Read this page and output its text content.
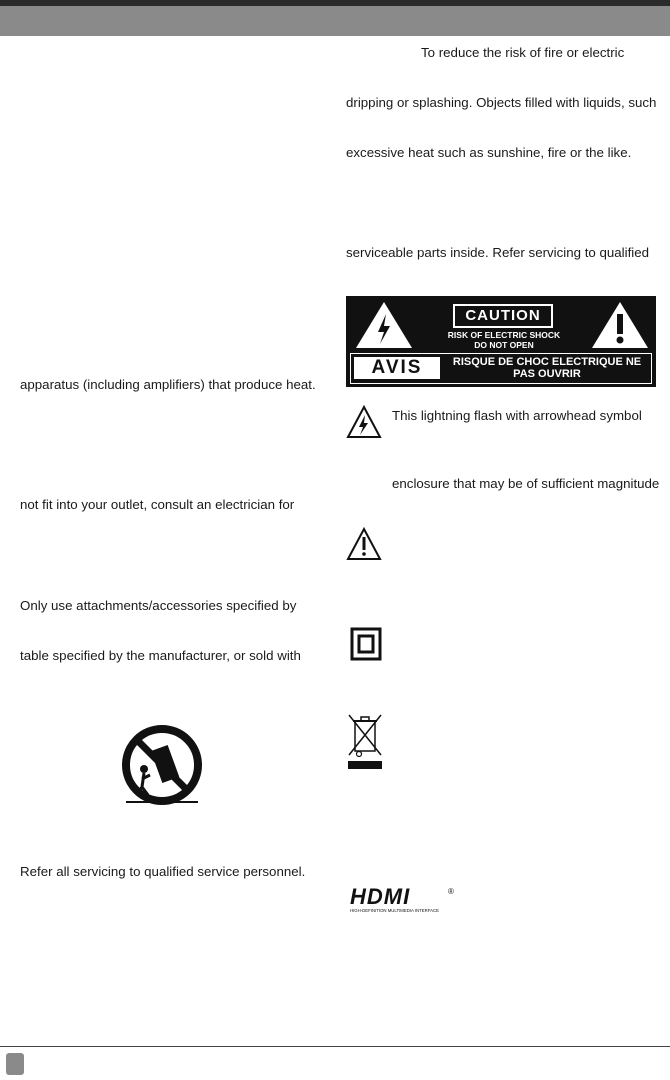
apparatus (including amplifiers) that produce heat.
not fit into your outlet, consult an electrician for
Only use attachments/accessories specified by
table specified by the manufacturer, or sold with
Refer all servicing to qualified service personnel.
To reduce the risk of fire or electric
dripping or splashing. Objects filled with liquids, such
excessive heat such as sunshine, fire or the like.
serviceable parts inside. Refer servicing to qualified
CAUTION
RISK OF ELECTRIC SHOCK
DO NOT OPEN
AVIS	RISQUE DE CHOC ELECTRIQUE NE
PAS OUVRIR
This lightning flash with arrowhead symbol
enclosure that may be of sufficient magnitude
HDMI	®
HIGH-DEFINITION MULTIMEDIA INTERFACE
